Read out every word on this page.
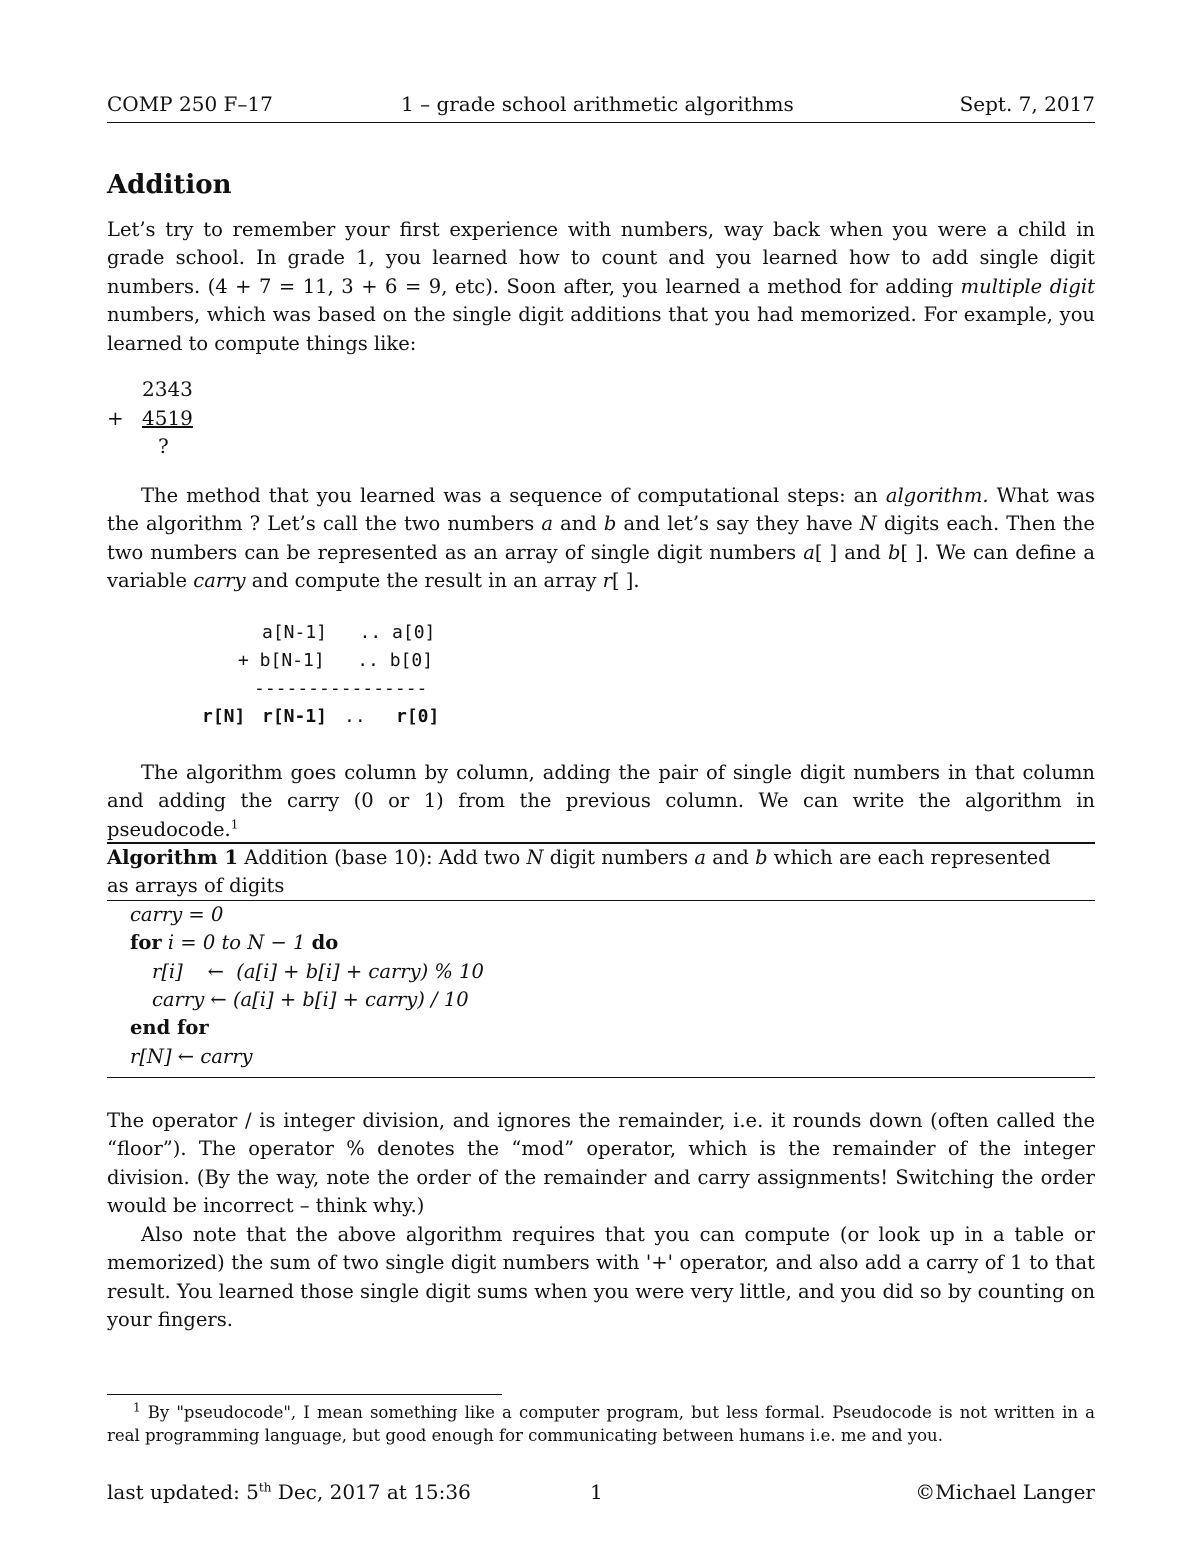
COMP 250 F–17	1 – grade school arithmetic algorithms	Sept. 7, 2017
Addition
Let’s try to remember your first experience with numbers, way back when you were a child in grade school. In grade 1, you learned how to count and you learned how to add single digit numbers. (4 + 7 = 11, 3 + 6 = 9, etc). Soon after, you learned a method for adding multiple digit numbers, which was based on the single digit additions that you had memorized. For example, you learned to compute things like:
2343
+ 4519
?
The method that you learned was a sequence of computational steps: an algorithm. What was the algorithm ? Let’s call the two numbers a and b and let’s say they have N digits each. Then the two numbers can be represented as an array of single digit numbers a[ ] and b[ ]. We can define a variable carry and compute the result in an array r[ ].
a[N-1]   .. a[0]
+ b[N-1]   .. b[0]
----------------
r[N] r[N-1] .. r[0]
The algorithm goes column by column, adding the pair of single digit numbers in that column and adding the carry (0 or 1) from the previous column. We can write the algorithm in pseudocode.$^1$
Algorithm 1 Addition (base 10): Add two N digit numbers a and b which are each represented
as arrays of digits
carry = 0
for i = 0 to N − 1 do
r[i]    ←  (a[i] + b[i] + carry) % 10
carry ← (a[i] + b[i] + carry) / 10
end for
r[N] ← carry
The operator / is integer division, and ignores the remainder, i.e. it rounds down (often called the “floor”). The operator % denotes the “mod” operator, which is the remainder of the integer division. (By the way, note the order of the remainder and carry assignments! Switching the order would be incorrect – think why.)
Also note that the above algorithm requires that you can compute (or look up in a table or memorized) the sum of two single digit numbers with '+' operator, and also add a carry of 1 to that result. You learned those single digit sums when you were very little, and you did so by counting on your fingers.
$^1$ By "pseudocode", I mean something like a computer program, but less formal. Pseudocode is not written in a real programming language, but good enough for communicating between humans i.e. me and you.
last updated: 5th Dec, 2017 at 15:36	1	©Michael Langer
